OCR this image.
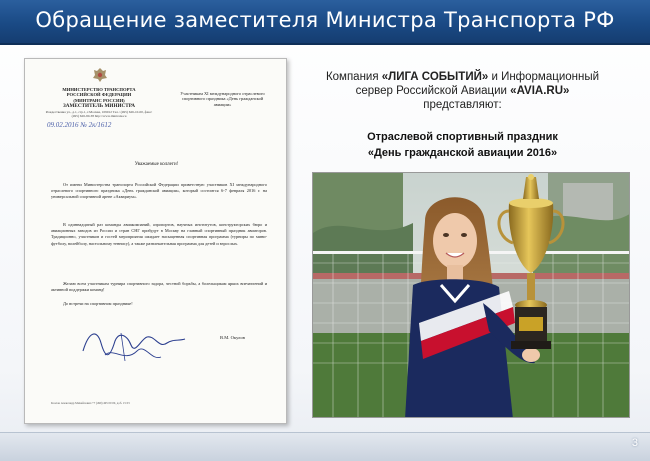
Обращение заместителя Министра Транспорта РФ
МИНИСТЕРСТВО ТРАНСПОРТА
РОССИЙСКОЙ ФЕДЕРАЦИИ
(МИНТРАНС РОССИИ)
ЗАМЕСТИТЕЛЬ МИНИСТРА
Рождественка ул., д.1, стр.1, г.Москва, 109012 Тел.: (495) 626-10-00, факс: (495) 626-90-38 http://www.mintrans.ru
09.02.2016 № 2к/1612
Участникам XI международного отраслевого спортивного праздника «День гражданской авиации»
Уважаемые коллеги!
От имени Министерства транспорта Российской Федерации приветствую участников XI международного отраслевого спортивного праздника «День гражданской авиации», который состоится 6-7 февраля 2016 г. на универсальной спортивной арене «Аквариум».
В одиннадцатый раз команды авиакомпаний, аэропортов, научных институтов, конструкторских бюро и авиационных заводов из России и стран СНГ прибудут в Москву на главный спортивный праздник авиаторов. Традиционно, участников и гостей мероприятия ожидает насыщенная спортивная программа (турниры по мини-футболу, волейболу, настольному теннису), а также развлекательная программа для детей и взрослых.
Желаю всем участникам турнира спортивного задора, честной борьбы, а болельщикам ярких впечатлений и активной поддержки команд!
До встречи на спортивном празднике!
В.М. Окулов
Козлов Александр Михайлович +7 (499) 495 00 00, доб. 15 03
Компания «ЛИГА СОБЫТИЙ» и Информационный
сервер Российской Авиации «AVIA.RU»
представляют:
Отраслевой спортивный праздник
«День гражданской авиации 2016»
3
